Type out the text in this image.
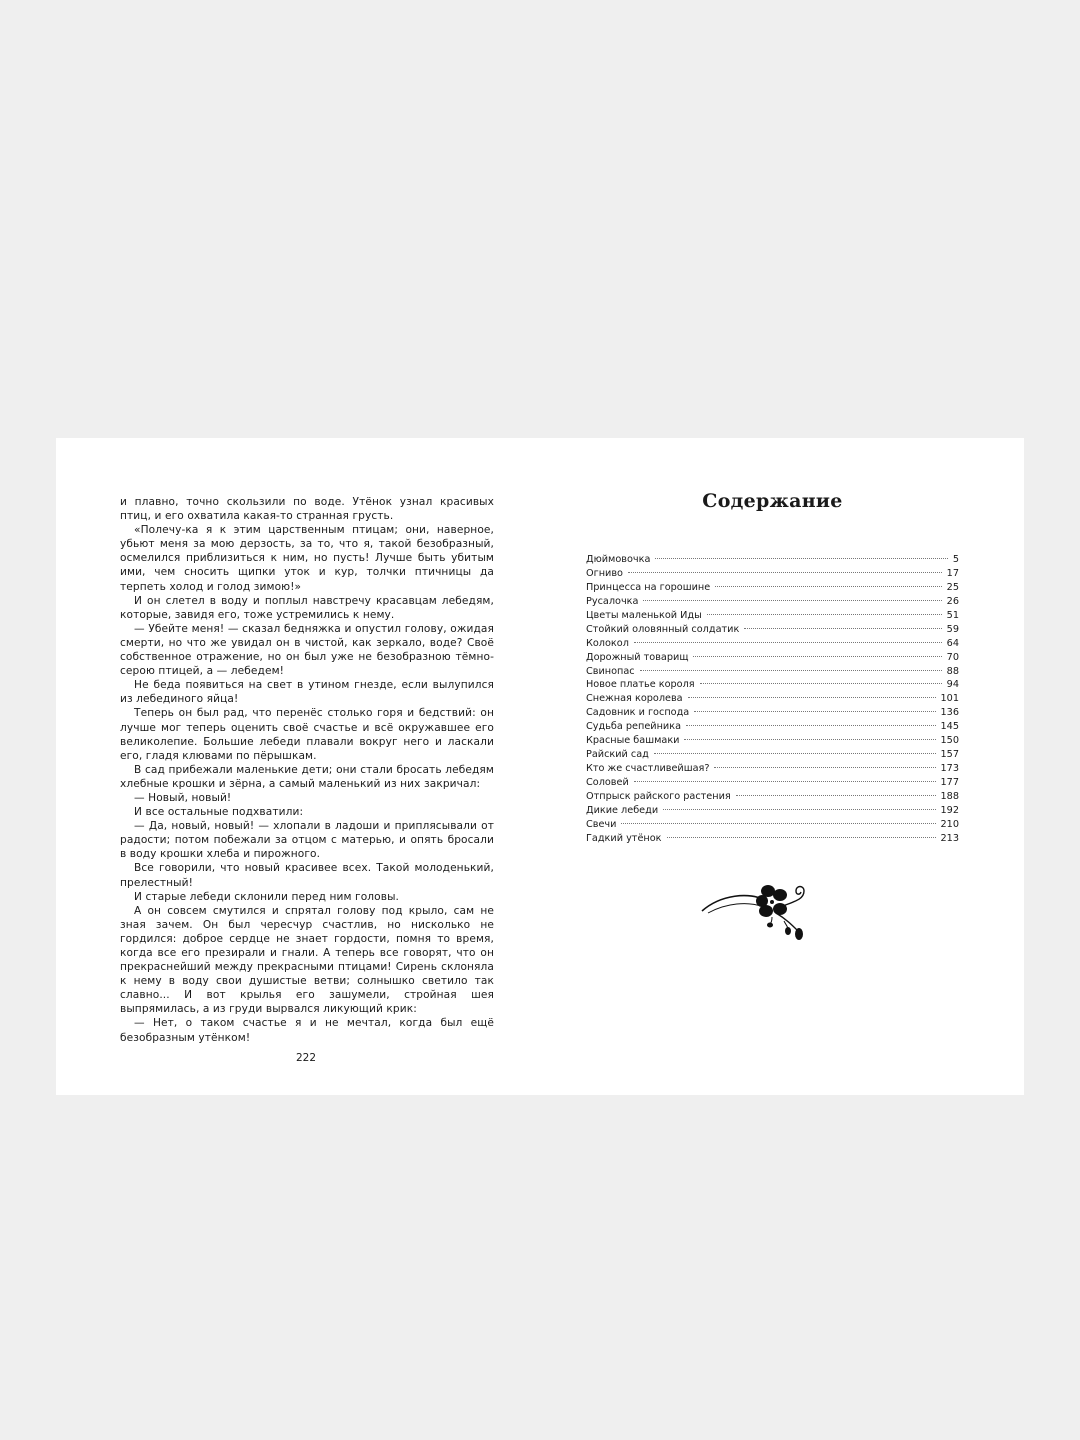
и плавно, точно скользили по воде. Утёнок узнал красивых птиц, и его охватила какая-то странная грусть.

«Полечу-ка я к этим царственным птицам; они, наверное, убьют меня за мою дерзость, за то, что я, такой безобразный, осмелился приблизиться к ним, но пусть! Лучше быть убитым ими, чем сносить щипки уток и кур, толчки птичницы да терпеть холод и голод зимою!»

И он слетел в воду и поплыл навстречу красавцам лебедям, которые, завидя его, тоже устремились к нему.

— Убейте меня! — сказал бедняжка и опустил голову, ожидая смерти, но что же увидал он в чистой, как зеркало, воде? Своё собственное отражение, но он был уже не безобразною тёмно-серою птицей, а — лебедем!

Не беда появиться на свет в утином гнезде, если вылупился из лебединого яйца!

Теперь он был рад, что перенёс столько горя и бедствий: он лучше мог теперь оценить своё счастье и всё окружавшее его великолепие. Большие лебеди плавали вокруг него и ласкали его, гладя клювами по пёрышкам.

В сад прибежали маленькие дети; они стали бросать лебедям хлебные крошки и зёрна, а самый маленький из них закричал:

— Новый, новый!

И все остальные подхватили:

— Да, новый, новый! — хлопали в ладоши и приплясывали от радости; потом побежали за отцом с матерью, и опять бросали в воду крошки хлеба и пирожного.

Все говорили, что новый красивее всех. Такой молоденький, прелестный!

И старые лебеди склонили перед ним головы.

А он совсем смутился и спрятал голову под крыло, сам не зная зачем. Он был чересчур счастлив, но нисколько не гордился: доброе сердце не знает гордости, помня то время, когда все его презирали и гнали. А теперь все говорят, что он прекраснейший между прекрасными птицами! Сирень склоняла к нему в воду свои душистые ветви; солнышко светило так славно... И вот крылья его зашумели, стройная шея выпрямилась, а из груди вырвался ликующий крик:

— Нет, о таком счастье я и не мечтал, когда был ещё безобразным утёнком!

222
Содержание
Дюймовочка	5
Огниво	17
Принцесса на горошине	25
Русалочка	26
Цветы маленькой Иды	51
Стойкий оловянный солдатик	59
Колокол	64
Дорожный товарищ	70
Свинопас	88
Новое платье короля	94
Снежная королева	101
Садовник и господа	136
Судьба репейника	145
Красные башмаки	150
Райский сад	157
Кто же счастливейшая?	173
Соловей	177
Отпрыск райского растения	188
Дикие лебеди	192
Свечи	210
Гадкий утёнок	213
